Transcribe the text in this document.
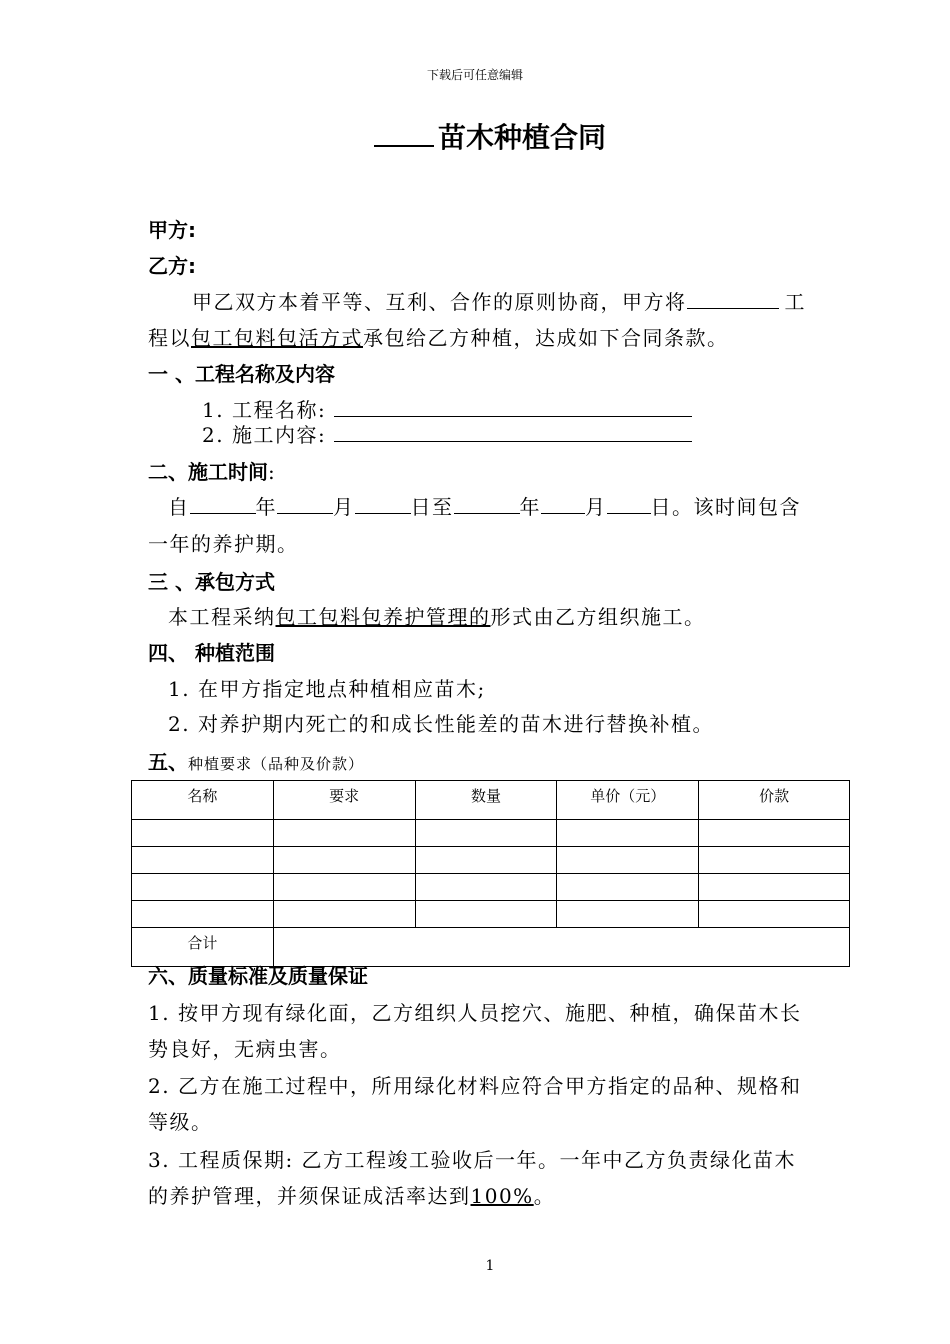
下载后可任意编辑
苗木种植合同
甲方:
乙方:
甲乙双方本着平等、互利、合作的原则协商，甲方将	工
程以包工包料包活方式承包给乙方种植，达成如下合同条款。
一 、工程名称及内容
1. 工程名称:
2. 施工内容:
二、施工时间:
自	年	月	日至	年 月 日。该时间包含
一年的养护期。
三 、承包方式
本工程采纳包工包料包养护管理的形式由乙方组织施工。
四、 种植范围
1. 在甲方指定地点种植相应苗木;
2. 对养护期内死亡的和成长性能差的苗木进行替换补植。
五、种植要求（品种及价款）
名称	要求	数量	单价（元）	价款

合计				
六、质量标准及质量保证
1. 按甲方现有绿化面，乙方组织人员挖穴、施肥、种植，确保苗木长
势良好，无病虫害。
2. 乙方在施工过程中，所用绿化材料应符合甲方指定的品种、规格和
等级。
3. 工程质保期: 乙方工程竣工验收后一年。一年中乙方负责绿化苗木
的养护管理，并须保证成活率达到100%。
1
